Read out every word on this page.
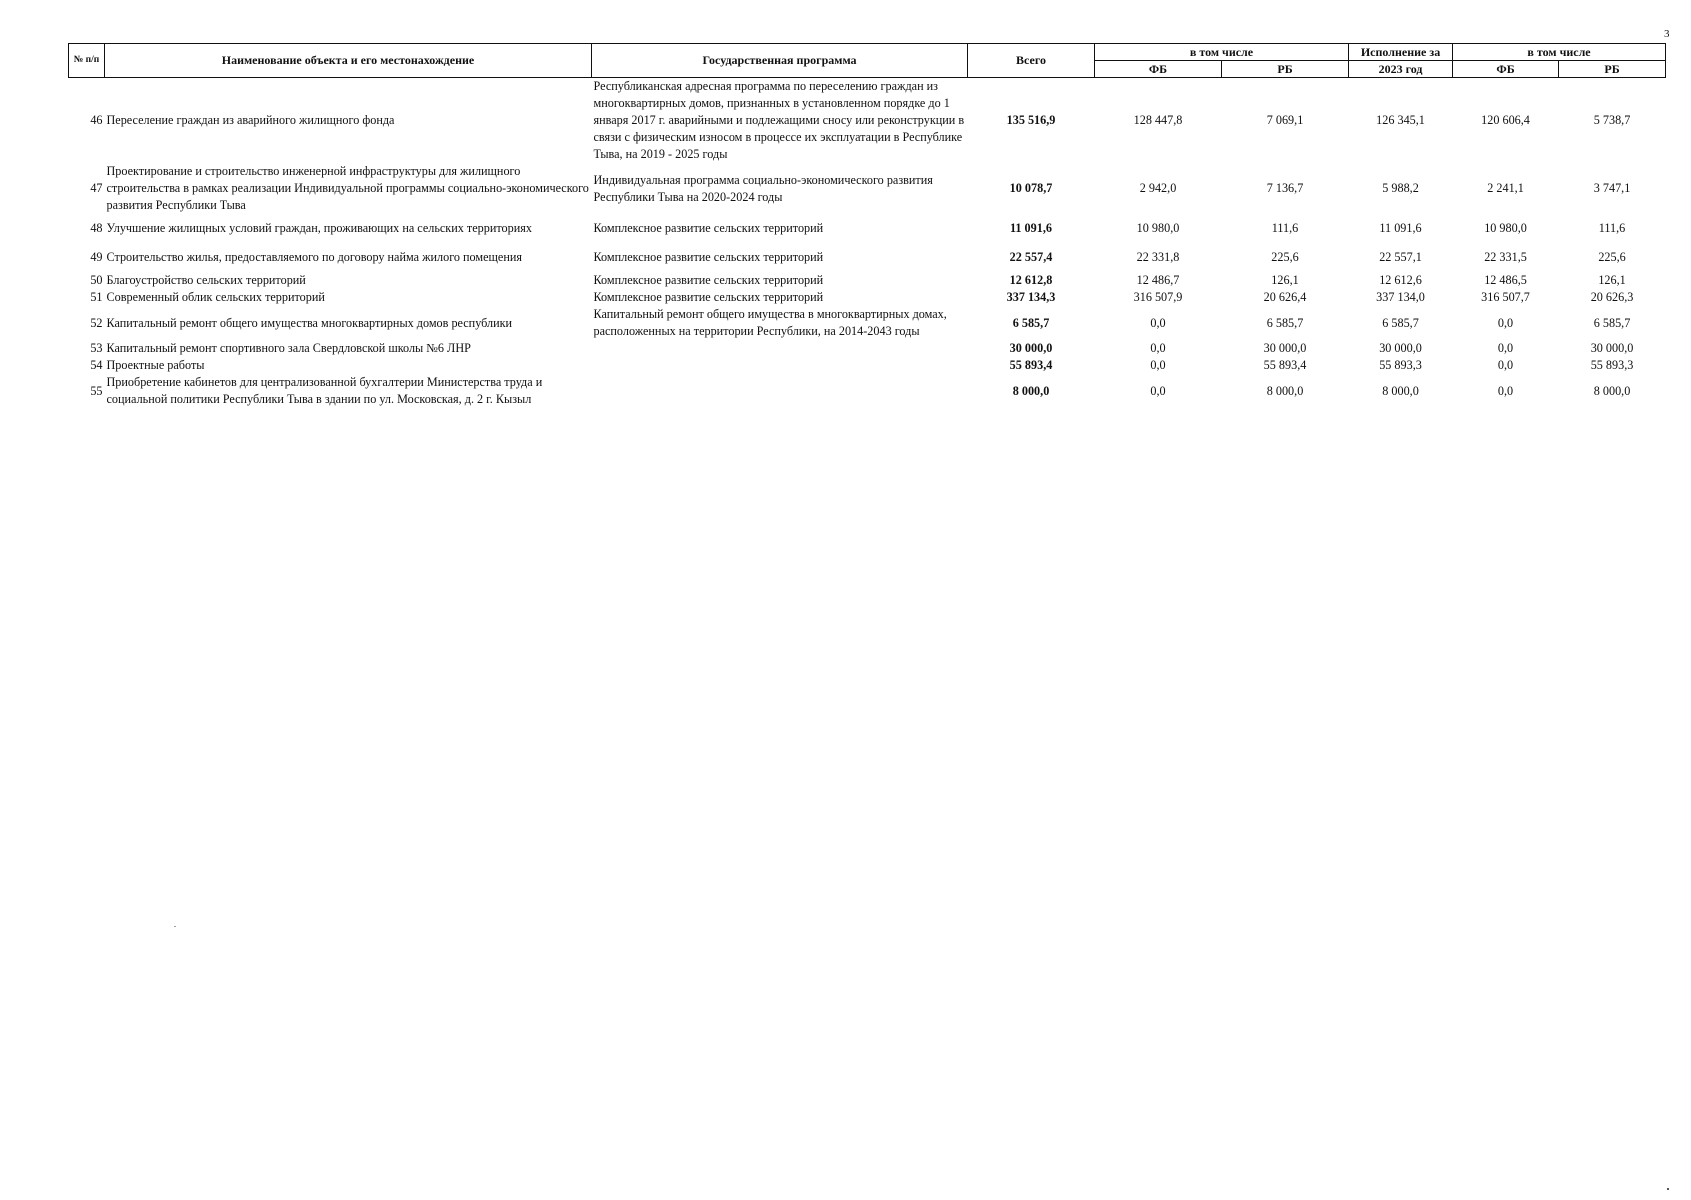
3
№ п/п	Наименование объекта и его местонахождение	Государственная программа	Всего	в том числе		Исполнение за	в том числе	
				ФБ	РБ	2023 год	ФБ	РБ
46	Переселение граждан из аварийного жилищного фонда	Республиканская адресная программа по переселению граждан из многоквартирных домов, признанных в установленном порядке до 1 января 2017 г. аварийными и подлежащими сносу или реконструкции в связи с физическим износом в процессе их эксплуатации в Республике Тыва, на 2019 - 2025 годы	135 516,9	128 447,8	7 069,1	126 345,1	120 606,4	5 738,7
47	Проектирование и строительство инженерной инфраструктуры для жилищного строительства в рамках реализации Индивидуальной программы социально-экономического развития Республики Тыва	Индивидуальная программа социально-экономического развития Республики Тыва на 2020-2024 годы	10 078,7	2 942,0	7 136,7	5 988,2	2 241,1	3 747,1
48	Улучшение жилищных условий граждан, проживающих на сельских территориях	Комплексное развитие сельских территорий	11 091,6	10 980,0	111,6	11 091,6	10 980,0	111,6
49	Строительство жилья, предоставляемого по договору найма жилого помещения	Комплексное развитие сельских территорий	22 557,4	22 331,8	225,6	22 557,1	22 331,5	225,6
50	Благоустройство сельских территорий	Комплексное развитие сельских территорий	12 612,8	12 486,7	126,1	12 612,6	12 486,5	126,1
51	Современный облик сельских территорий	Комплексное развитие сельских территорий	337 134,3	316 507,9	20 626,4	337 134,0	316 507,7	20 626,3
52	Капитальный ремонт общего имущества многоквартирных домов республики	Капитальный ремонт общего имущества в многоквартирных домах, расположенных на территории Республики, на 2014-2043 годы	6 585,7	0,0	6 585,7	6 585,7	0,0	6 585,7
53	Капитальный ремонт спортивного зала Свердловской школы №6 ЛНР		30 000,0	0,0	30 000,0	30 000,0	0,0	30 000,0
54	Проектные работы		55 893,4	0,0	55 893,4	55 893,3	0,0	55 893,3
55	Приобретение кабинетов для централизованной бухгалтерии Министерства труда и социальной политики Республики Тыва в здании по ул. Московская, д. 2 г. Кызыл		8 000,0	0,0	8 000,0	8 000,0	0,0	8 000,0
